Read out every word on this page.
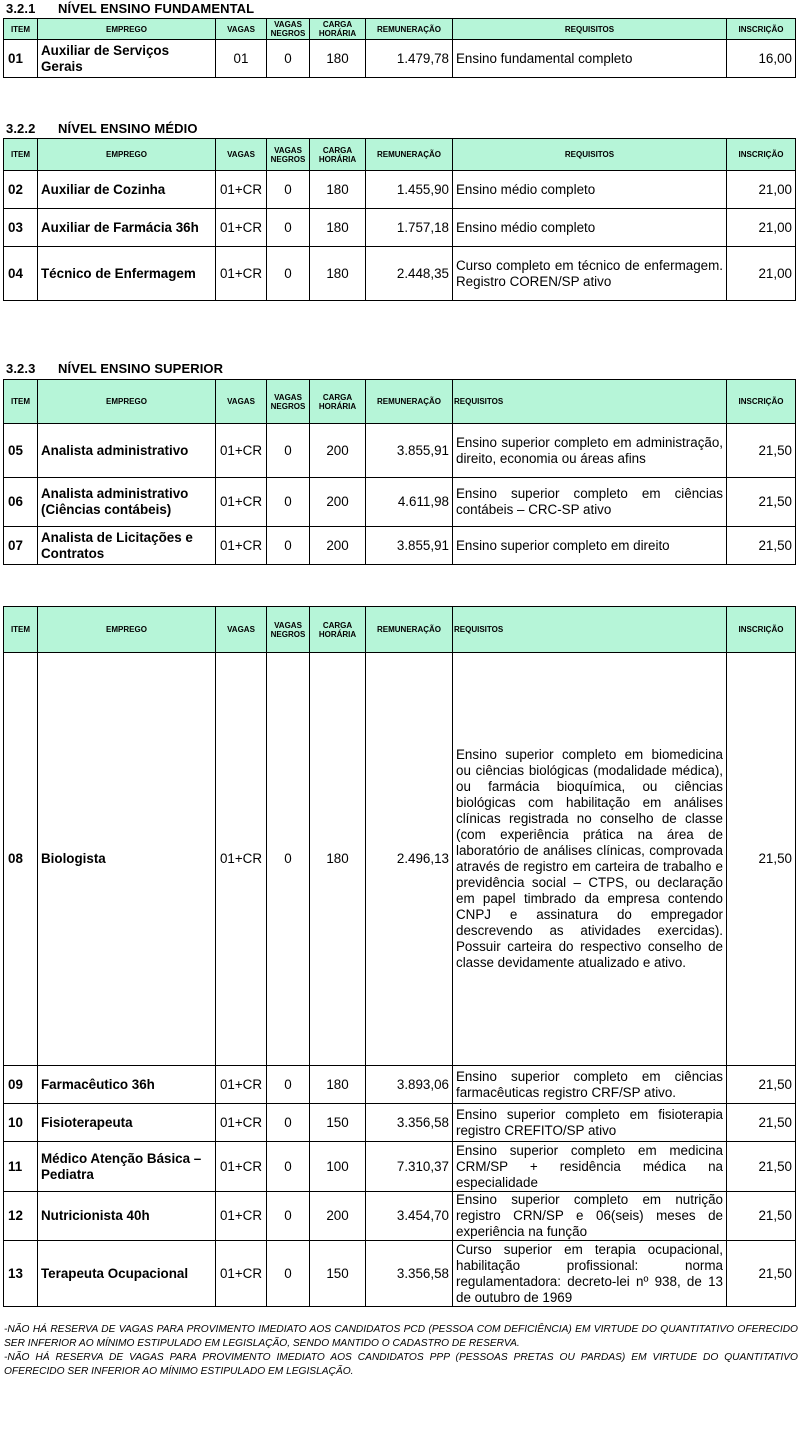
3.2.1 NÍVEL ENSINO FUNDAMENTAL
ITEM	EMPREGO	VAGAS	VAGAS NEGROS	CARGA HORÁRIA	REMUNERAÇÃO	REQUISITOS	INSCRIÇÃO
01	Auxiliar de Serviços Gerais	01	0	180	1.479,78	Ensino fundamental completo	16,00
3.2.2 NÍVEL ENSINO MÉDIO
ITEM	EMPREGO	VAGAS	VAGAS NEGROS	CARGA HORÁRIA	REMUNERAÇÃO	REQUISITOS	INSCRIÇÃO
02	Auxiliar de Cozinha	01+CR	0	180	1.455,90	Ensino médio completo	21,00
03	Auxiliar de Farmácia 36h	01+CR	0	180	1.757,18	Ensino médio completo	21,00
04	Técnico de Enfermagem	01+CR	0	180	2.448,35	Curso completo em técnico de enfermagem. Registro COREN/SP ativo	21,00
3.2.3 NÍVEL ENSINO SUPERIOR
ITEM	EMPREGO	VAGAS	VAGAS NEGROS	CARGA HORÁRIA	REMUNERAÇÃO	REQUISITOS	INSCRIÇÃO
05	Analista administrativo	01+CR	0	200	3.855,91	Ensino superior completo em administração, direito, economia ou áreas afins	21,50
06	Analista administrativo (Ciências contábeis)	01+CR	0	200	4.611,98	Ensino superior completo em ciências contábeis – CRC-SP ativo	21,50
07	Analista de Licitações e Contratos	01+CR	0	200	3.855,91	Ensino superior completo em direito	21,50
ITEM	EMPREGO	VAGAS	VAGAS NEGROS	CARGA HORÁRIA	REMUNERAÇÃO	REQUISITOS	INSCRIÇÃO
08	Biologista	01+CR	0	180	2.496,13	Ensino superior completo em biomedicina ou ciências biológicas (modalidade médica), ou farmácia bioquímica, ou ciências biológicas com habilitação em análises clínicas registrada no conselho de classe (com experiência prática na área de laboratório de análises clínicas, comprovada através de registro em carteira de trabalho e previdência social – CTPS, ou declaração em papel timbrado da empresa contendo CNPJ e assinatura do empregador descrevendo as atividades exercidas). Possuir carteira do respectivo conselho de classe devidamente atualizado e ativo.	21,50
09	Farmacêutico 36h	01+CR	0	180	3.893,06	Ensino superior completo em ciências farmacêuticas registro CRF/SP ativo.	21,50
10	Fisioterapeuta	01+CR	0	150	3.356,58	Ensino superior completo em fisioterapia registro CREFITO/SP ativo	21,50
11	Médico Atenção Básica – Pediatra	01+CR	0	100	7.310,37	Ensino superior completo em medicina CRM/SP + residência médica na especialidade	21,50
12	Nutricionista 40h	01+CR	0	200	3.454,70	Ensino superior completo em nutrição registro CRN/SP e 06(seis) meses de experiência na função	21,50
13	Terapeuta Ocupacional	01+CR	0	150	3.356,58	Curso superior em terapia ocupacional, habilitação profissional: norma regulamentadora: decreto-lei nº 938, de 13 de outubro de 1969	21,50
-NÃO HÁ RESERVA DE VAGAS PARA PROVIMENTO IMEDIATO AOS CANDIDATOS PCD (PESSOA COM DEFICIÊNCIA) EM VIRTUDE DO QUANTITATIVO OFERECIDO SER INFERIOR AO MÍNIMO ESTIPULADO EM LEGISLAÇÃO, SENDO MANTIDO O CADASTRO DE RESERVA.
-NÃO HÁ RESERVA DE VAGAS PARA PROVIMENTO IMEDIATO AOS CANDIDATOS PPP (PESSOAS PRETAS OU PARDAS) EM VIRTUDE DO QUANTITATIVO OFERECIDO SER INFERIOR AO MÍNIMO ESTIPULADO EM LEGISLAÇÃO.
